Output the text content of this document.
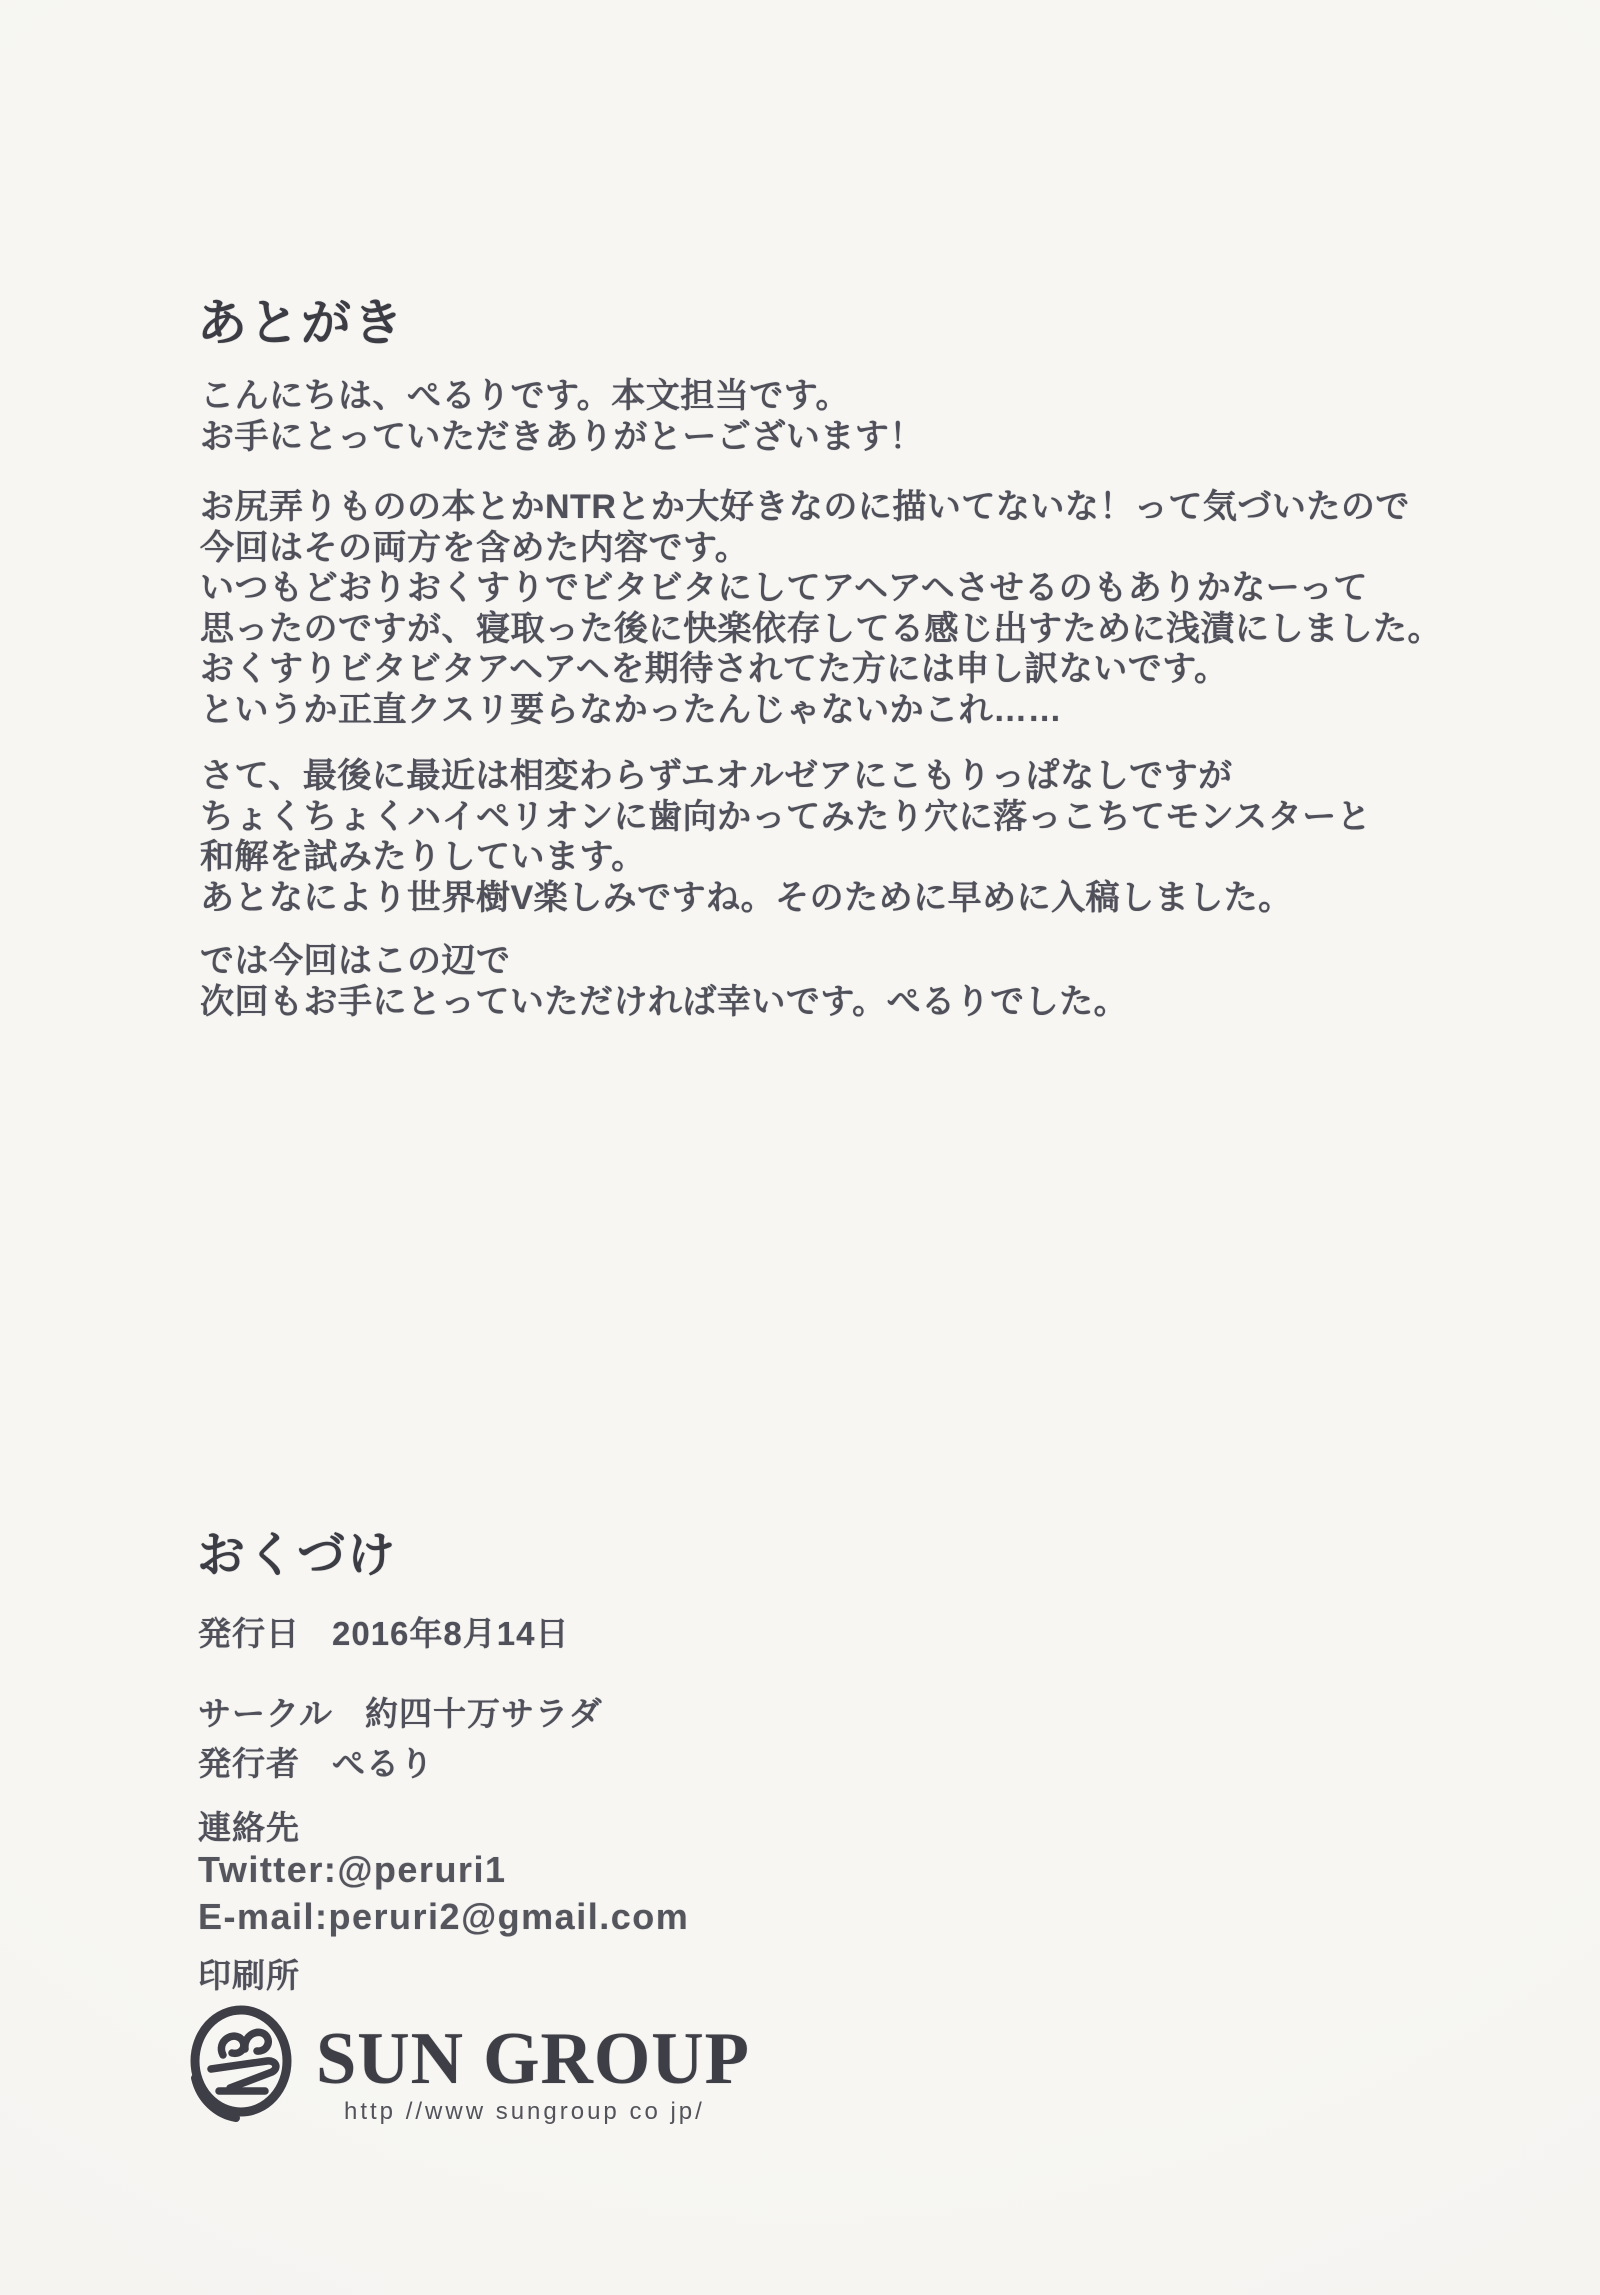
あとがき
こんにちは、ぺるりです。本文担当です。
お手にとっていただきありがとーございます！
お尻弄りものの本とかNTRとか大好きなのに描いてないな！って気づいたので
今回はその両方を含めた内容です。
いつもどおりおくすりでビタビタにしてアヘアヘさせるのもありかなーって
思ったのですが、寝取った後に快楽依存してる感じ出すために浅漬にしました。
おくすりビタビタアヘアヘを期待されてた方には申し訳ないです。
というか正直クスリ要らなかったんじゃないかこれ……
さて、最後に最近は相変わらずエオルゼアにこもりっぱなしですが
ちょくちょくハイペリオンに歯向かってみたり穴に落っこちてモンスターと
和解を試みたりしています。
あとなにより世界樹V楽しみですね。そのために早めに入稿しました。
では今回はこの辺で
次回もお手にとっていただければ幸いです。ぺるりでした。
おくづけ
発行日 2016年8月14日
サークル 約四十万サラダ
発行者 ぺるり
連絡先
Twitter:@peruri1
E-mail:peruri2@gmail.com
印刷所
SUN GROUP
http //www sungroup co jp/
